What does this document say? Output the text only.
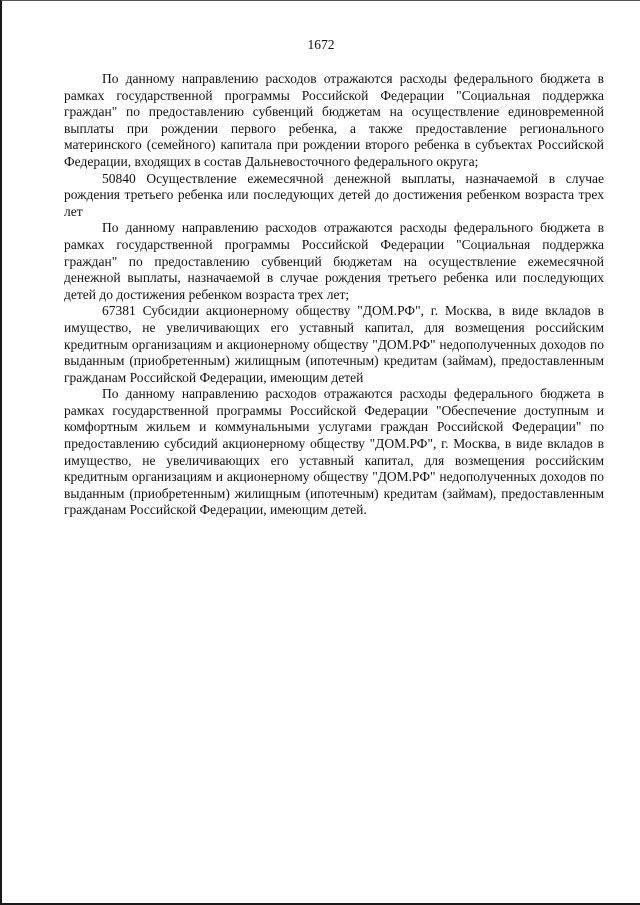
1672

По данному направлению расходов отражаются расходы федерального бюджета в рамках государственной программы Российской Федерации "Социальная поддержка граждан" по предоставлению субвенций бюджетам на осуществление единовременной выплаты при рождении первого ребенка, а также предоставление регионального материнского (семейного) капитала при рождении второго ребенка в субъектах Российской Федерации, входящих в состав Дальневосточного федерального округа;

50840 Осуществление ежемесячной денежной выплаты, назначаемой в случае рождения третьего ребенка или последующих детей до достижения ребенком возраста трех лет

По данному направлению расходов отражаются расходы федерального бюджета в рамках государственной программы Российской Федерации "Социальная поддержка граждан" по предоставлению субвенций бюджетам на осуществление ежемесячной денежной выплаты, назначаемой в случае рождения третьего ребенка или последующих детей до достижения ребенком возраста трех лет;

67381 Субсидии акционерному обществу "ДОМ.РФ", г. Москва, в виде вкладов в имущество, не увеличивающих его уставный капитал, для возмещения российским кредитным организациям и акционерному обществу "ДОМ.РФ" недополученных доходов по выданным (приобретенным) жилищным (ипотечным) кредитам (займам), предоставленным гражданам Российской Федерации, имеющим детей

По данному направлению расходов отражаются расходы федерального бюджета в рамках государственной программы Российской Федерации "Обеспечение доступным и комфортным жильем и коммунальными услугами граждан Российской Федерации" по предоставлению субсидий акционерному обществу "ДОМ.РФ", г. Москва, в виде вкладов в имущество, не увеличивающих его уставный капитал, для возмещения российским кредитным организациям и акционерному обществу "ДОМ.РФ" недополученных доходов по выданным (приобретенным) жилищным (ипотечным) кредитам (займам), предоставленным гражданам Российской Федерации, имеющим детей.
